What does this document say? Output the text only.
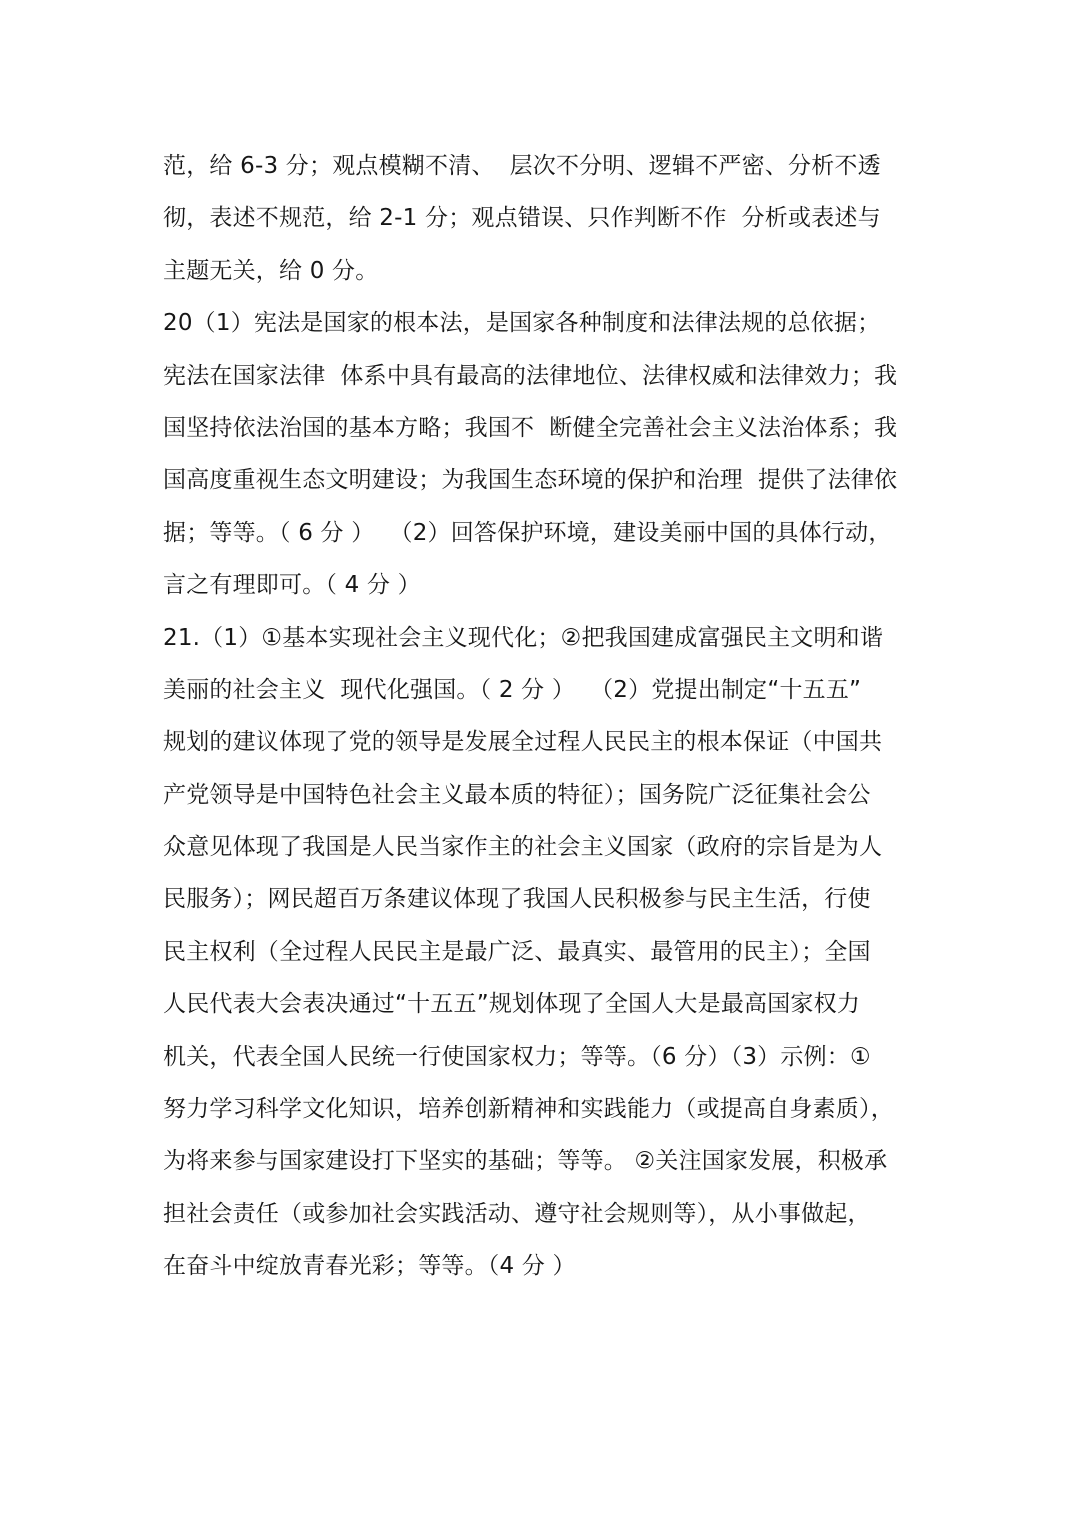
范，给 6-3 分；观点模糊不清、  层次不分明、逻辑不严密、分析不透
彻，表述不规范，给 2-1 分；观点错误、只作判断不作  分析或表述与
主题无关，给 0 分。
20（1）宪法是国家的根本法，是国家各种制度和法律法规的总依据；
宪法在国家法律  体系中具有最高的法律地位、法律权威和法律效力；我
国坚持依法治国的基本方略；我国不  断健全完善社会主义法治体系；我
国高度重视生态文明建设；为我国生态环境的保护和治理  提供了法律依
据；等等。（ 6 分 ）  （2）回答保护环境，建设美丽中国的具体行动，
言之有理即可。（ 4 分 ）
21.（1）①基本实现社会主义现代化；②把我国建成富强民主文明和谐
美丽的社会主义  现代化强国。（ 2 分 ）  （2）党提出制定“十五五”
规划的建议体现了党的领导是发展全过程人民民主的根本保证（中国共
产党领导是中国特色社会主义最本质的特征）；国务院广泛征集社会公
众意见体现了我国是人民当家作主的社会主义国家（政府的宗旨是为人
民服务）；网民超百万条建议体现了我国人民积极参与民主生活，行使
民主权利（全过程人民民主是最广泛、最真实、最管用的民主）；全国
人民代表大会表决通过“十五五”规划体现了全国人大是最高国家权力
机关，代表全国人民统一行使国家权力；等等。（6 分）（3）示例：①
努力学习科学文化知识，培养创新精神和实践能力（或提高自身素质），
为将来参与国家建设打下坚实的基础；等等。 ②关注国家发展，积极承
担社会责任（或参加社会实践活动、遵守社会规则等），从小事做起，
在奋斗中绽放青春光彩；等等。（4 分 ）
